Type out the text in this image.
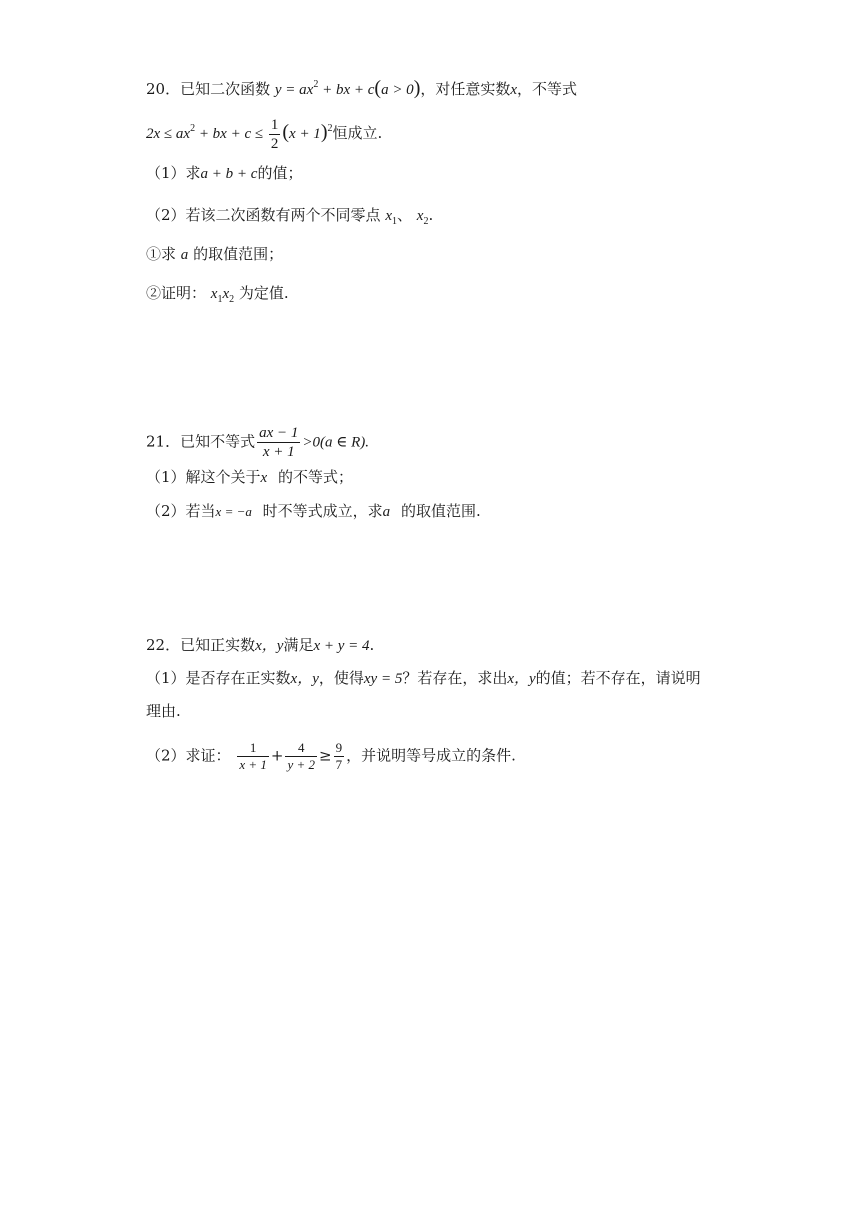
20．已知二次函数 $y = ax^2$ + bx + c(a > 0)，对任意实数x，不等式
$2x \le ax^2$ + bx + $c \le \frac{1}{2} (x + 1)^2$恒成立.
（1）求a + b + c的值；
（2）若该二次函数有两个不同零点 $x_1$、 $x_2$.
①求 a 的取值范围；
②证明： $x_1x_2$ 为定值.
21．已知不等式 $\frac{ax - 1}{x + 1} >0(a$ ∈ R).
（1）解这个关于x 的不等式；
（2）若当x = −a 时不等式成立，求a 的取值范围.
22．已知正实数x，y满足x + y = 4.
（1）是否存在正实数x，y，使得xy = 5？若存在，求出x，y的值；若不存在，请说明
理由.
（2）求证： $\frac{1}{x + 1} + \frac{4}{y + 2} \ge \frac{9}{7}$ ，并说明等号成立的条件.
